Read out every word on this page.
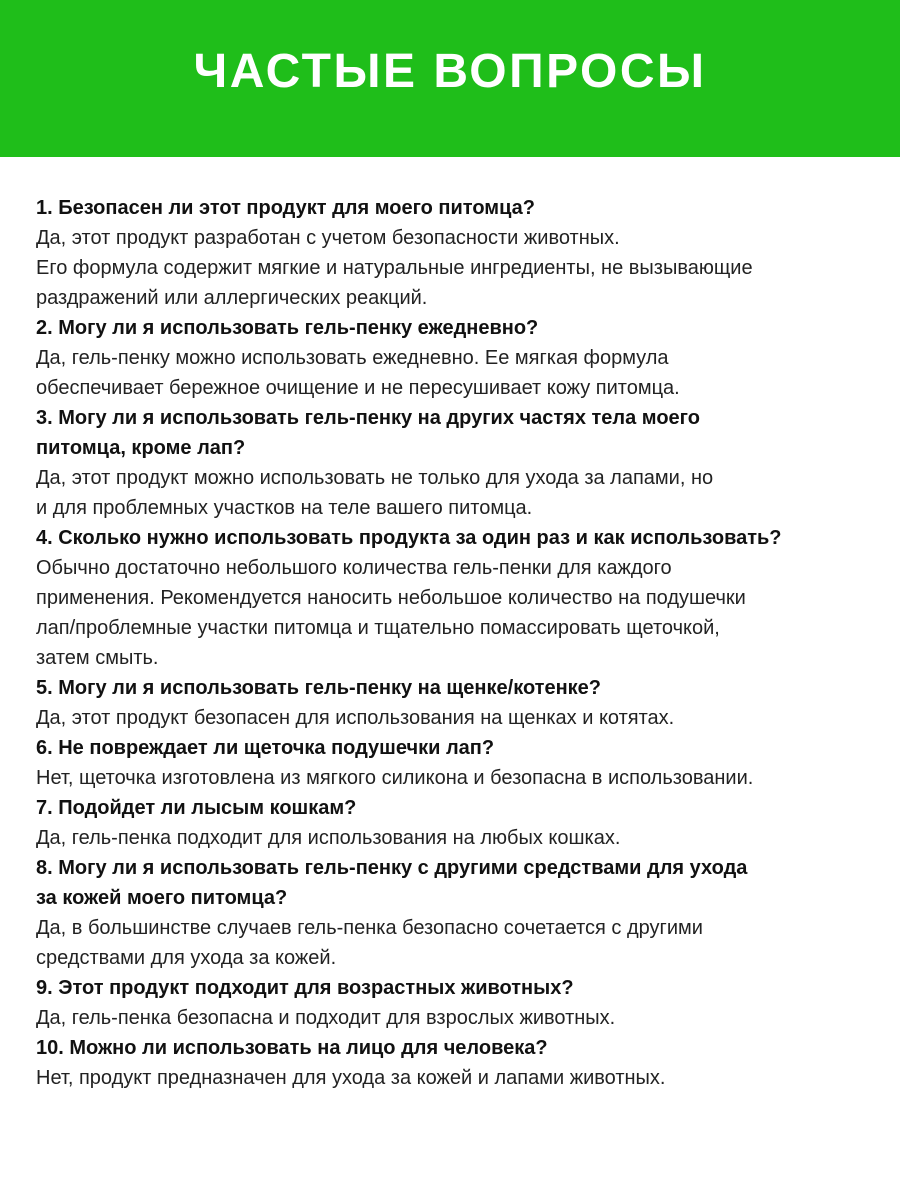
ЧАСТЫЕ ВОПРОСЫ
1. Безопасен ли этот продукт для моего питомца?
Да, этот продукт разработан с учетом безопасности животных.
Его формула содержит мягкие и натуральные ингредиенты, не вызывающие
раздражений или аллергических реакций.
2. Могу ли я использовать гель-пенку ежедневно?
Да, гель-пенку можно использовать ежедневно. Ее мягкая формула
обеспечивает бережное очищение и не пересушивает кожу питомца.
3. Могу ли я использовать гель-пенку на других частях тела моего
питомца, кроме лап?
Да, этот продукт можно использовать не только для ухода за лапами, но
и для проблемных участков на теле вашего питомца.
4. Сколько нужно использовать продукта за один раз и как использовать?
Обычно достаточно небольшого количества гель-пенки для каждого
применения. Рекомендуется наносить небольшое количество на подушечки
лап/проблемные участки питомца и тщательно помассировать щеточкой,
затем смыть.
5. Могу ли я использовать гель-пенку на щенке/котенке?
Да, этот продукт безопасен для использования на щенках и котятах.
6. Не повреждает ли щеточка подушечки лап?
Нет, щеточка изготовлена из мягкого силикона и безопасна в использовании.
7. Подойдет ли лысым кошкам?
Да, гель-пенка подходит для использования на любых кошках.
8. Могу ли я использовать гель-пенку с другими средствами для ухода
за кожей моего питомца?
Да, в большинстве случаев гель-пенка безопасно сочетается с другими
средствами для ухода за кожей.
9. Этот продукт подходит для возрастных животных?
Да, гель-пенка безопасна и подходит для взрослых животных.
10. Можно ли использовать на лицо для человека?
Нет, продукт предназначен для ухода за кожей и лапами животных.
